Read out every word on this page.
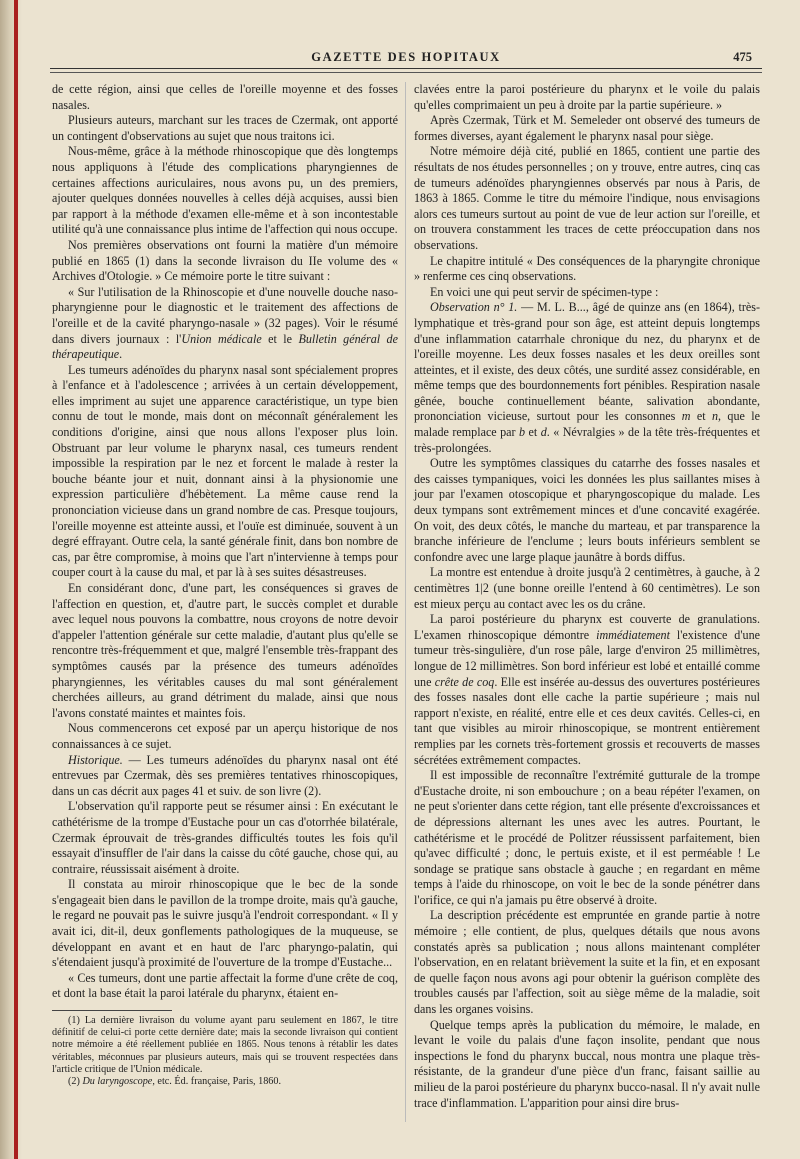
GAZETTE DES HOPITAUX	475

de cette région, ainsi que celles de l'oreille moyenne et des fosses nasales.

Plusieurs auteurs, marchant sur les traces de Czermak, ont apporté un contingent d'observations au sujet que nous traitons ici.

Nous-même, grâce à la méthode rhinoscopique que dès longtemps nous appliquons à l'étude des complications pharyngiennes de certaines affections auriculaires, nous avons pu, un des premiers, ajouter quelques données nouvelles à celles déjà acquises, aussi bien par rapport à la méthode d'examen elle-même et à son incontestable utilité qu'à une connaissance plus intime de l'affection qui nous occupe.

Nos premières observations ont fourni la matière d'un mémoire publié en 1865 (1) dans la seconde livraison du IIe volume des « Archives d'Otologie. » Ce mémoire porte le titre suivant :

« Sur l'utilisation de la Rhinoscopie et d'une nouvelle douche naso-pharyngienne pour le diagnostic et le traitement des affections de l'oreille et de la cavité pharyngo-nasale » (32 pages). Voir le résumé dans divers journaux : l'Union médicale et le Bulletin général de thérapeutique.

Les tumeurs adénoïdes du pharynx nasal sont spécialement propres à l'enfance et à l'adolescence ; arrivées à un certain développement, elles impriment au sujet une apparence caractéristique, un type bien connu de tout le monde, mais dont on méconnaît généralement les conditions d'origine, ainsi que nous allons l'exposer plus loin. Obstruant par leur volume le pharynx nasal, ces tumeurs rendent impossible la respiration par le nez et forcent le malade à rester la bouche béante jour et nuit, donnant ainsi à la physionomie une expression particulière d'hébètement. La même cause rend la prononciation vicieuse dans un grand nombre de cas. Presque toujours, l'oreille moyenne est atteinte aussi, et l'ouïe est diminuée, souvent à un degré effrayant. Outre cela, la santé générale finit, dans bon nombre de cas, par être compromise, à moins que l'art n'intervienne à temps pour couper court à la cause du mal, et par là à ses suites désastreuses.

En considérant donc, d'une part, les conséquences si graves de l'affection en question, et, d'autre part, le succès complet et durable avec lequel nous pouvons la combattre, nous croyons de notre devoir d'appeler l'attention générale sur cette maladie, d'autant plus qu'elle se rencontre très-fréquemment et que, malgré l'ensemble très-frappant des symptômes causés par la présence des tumeurs adénoïdes pharyngiennes, les véritables causes du mal sont généralement cherchées ailleurs, au grand détriment du malade, ainsi que nous l'avons constaté maintes et maintes fois.

Nous commencerons cet exposé par un aperçu historique de nos connaissances à ce sujet.

Historique. — Les tumeurs adénoïdes du pharynx nasal ont été entrevues par Czermak, dès ses premières tentatives rhinoscopiques, dans un cas décrit aux pages 41 et suiv. de son livre (2).

L'observation qu'il rapporte peut se résumer ainsi : En exécutant le cathétérisme de la trompe d'Eustache pour un cas d'otorrhée bilatérale, Czermak éprouvait de très-grandes difficultés toutes les fois qu'il essayait d'insuffler de l'air dans la caisse du côté gauche, chose qui, au contraire, réussissait aisément à droite.

Il constata au miroir rhinoscopique que le bec de la sonde s'engageait bien dans le pavillon de la trompe droite, mais qu'à gauche, le regard ne pouvait pas le suivre jusqu'à l'endroit correspondant. « Il y avait ici, dit-il, deux gonflements pathologiques de la muqueuse, se développant en avant et en haut de l'arc pharyngo-palatin, qui s'étendaient jusqu'à proximité de l'ouverture de la trompe d'Eustache...

« Ces tumeurs, dont une partie affectait la forme d'une crête de coq, et dont la base était la paroi latérale du pharynx, étaient en-

(1) La dernière livraison du volume ayant paru seulement en 1867, le titre définitif de celui-ci porte cette dernière date; mais la seconde livraison qui contient notre mémoire a été réellement publiée en 1865. Nous tenons à rétablir les dates véritables, méconnues par plusieurs auteurs, mais qui se trouvent respectées dans l'article critique de l'Union médicale.

(2) Du laryngoscope, etc. Éd. française, Paris, 1860.

clavées entre la paroi postérieure du pharynx et le voile du palais qu'elles comprimaient un peu à droite par la partie supérieure. »

Après Czermak, Türk et M. Semeleder ont observé des tumeurs de formes diverses, ayant également le pharynx nasal pour siège.

Notre mémoire déjà cité, publié en 1865, contient une partie des résultats de nos études personnelles ; on y trouve, entre autres, cinq cas de tumeurs adénoïdes pharyngiennes observés par nous à Paris, de 1863 à 1865. Comme le titre du mémoire l'indique, nous envisagions alors ces tumeurs surtout au point de vue de leur action sur l'oreille, et on trouvera constamment les traces de cette préoccupation dans nos observations.

Le chapitre intitulé « Des conséquences de la pharyngite chronique » renferme ces cinq observations.

En voici une qui peut servir de spécimen-type :

Observation n° 1. — M. L. B..., âgé de quinze ans (en 1864), très-lymphatique et très-grand pour son âge, est atteint depuis longtemps d'une inflammation catarrhale chronique du nez, du pharynx et de l'oreille moyenne. Les deux fosses nasales et les deux oreilles sont atteintes, et il existe, des deux côtés, une surdité assez considérable, en même temps que des bourdonnements fort pénibles. Respiration nasale gênée, bouche continuellement béante, salivation abondante, prononciation vicieuse, surtout pour les consonnes m et n, que le malade remplace par b et d. « Névralgies » de la tête très-fréquentes et très-prolongées.

Outre les symptômes classiques du catarrhe des fosses nasales et des caisses tympaniques, voici les données les plus saillantes mises à jour par l'examen otoscopique et pharyngoscopique du malade. Les deux tympans sont extrêmement minces et d'une concavité exagérée. On voit, des deux côtés, le manche du marteau, et par transparence la branche inférieure de l'enclume ; leurs bouts inférieurs semblent se confondre avec une large plaque jaunâtre à bords diffus.

La montre est entendue à droite jusqu'à 2 centimètres, à gauche, à 2 centimètres 1|2 (une bonne oreille l'entend à 60 centimètres). Le son est mieux perçu au contact avec les os du crâne.

La paroi postérieure du pharynx est couverte de granulations. L'examen rhinoscopique démontre immédiatement l'existence d'une tumeur très-singulière, d'un rose pâle, large d'environ 25 millimètres, longue de 12 millimètres. Son bord inférieur est lobé et entaillé comme une crête de coq. Elle est insérée au-dessus des ouvertures postérieures des fosses nasales dont elle cache la partie supérieure ; mais nul rapport n'existe, en réalité, entre elle et ces deux cavités. Celles-ci, en tant que visibles au miroir rhinoscopique, se montrent entièrement remplies par les cornets très-fortement grossis et recouverts de masses sécrétées extrêmement compactes.

Il est impossible de reconnaître l'extrémité gutturale de la trompe d'Eustache droite, ni son embouchure ; on a beau répéter l'examen, on ne peut s'orienter dans cette région, tant elle présente d'excroissances et de dépressions alternant les unes avec les autres. Pourtant, le cathétérisme et le procédé de Politzer réussissent parfaitement, bien qu'avec difficulté ; donc, le pertuis existe, et il est perméable ! Le sondage se pratique sans obstacle à gauche ; en regardant en même temps à l'aide du rhinoscope, on voit le bec de la sonde pénétrer dans l'orifice, ce qui n'a jamais pu être observé à droite.

La description précédente est empruntée en grande partie à notre mémoire ; elle contient, de plus, quelques détails que nous avons constatés après sa publication ; nous allons maintenant compléter l'observation, en en relatant brièvement la suite et la fin, et en exposant de quelle façon nous avons agi pour obtenir la guérison complète des troubles causés par l'affection, soit au siège même de la maladie, soit dans les organes voisins.

Quelque temps après la publication du mémoire, le malade, en levant le voile du palais d'une façon insolite, pendant que nous inspections le fond du pharynx buccal, nous montra une plaque très-résistante, de la grandeur d'une pièce d'un franc, faisant saillie au milieu de la paroi postérieure du pharynx bucco-nasal. Il n'y avait nulle trace d'inflammation. L'apparition pour ainsi dire brus-
